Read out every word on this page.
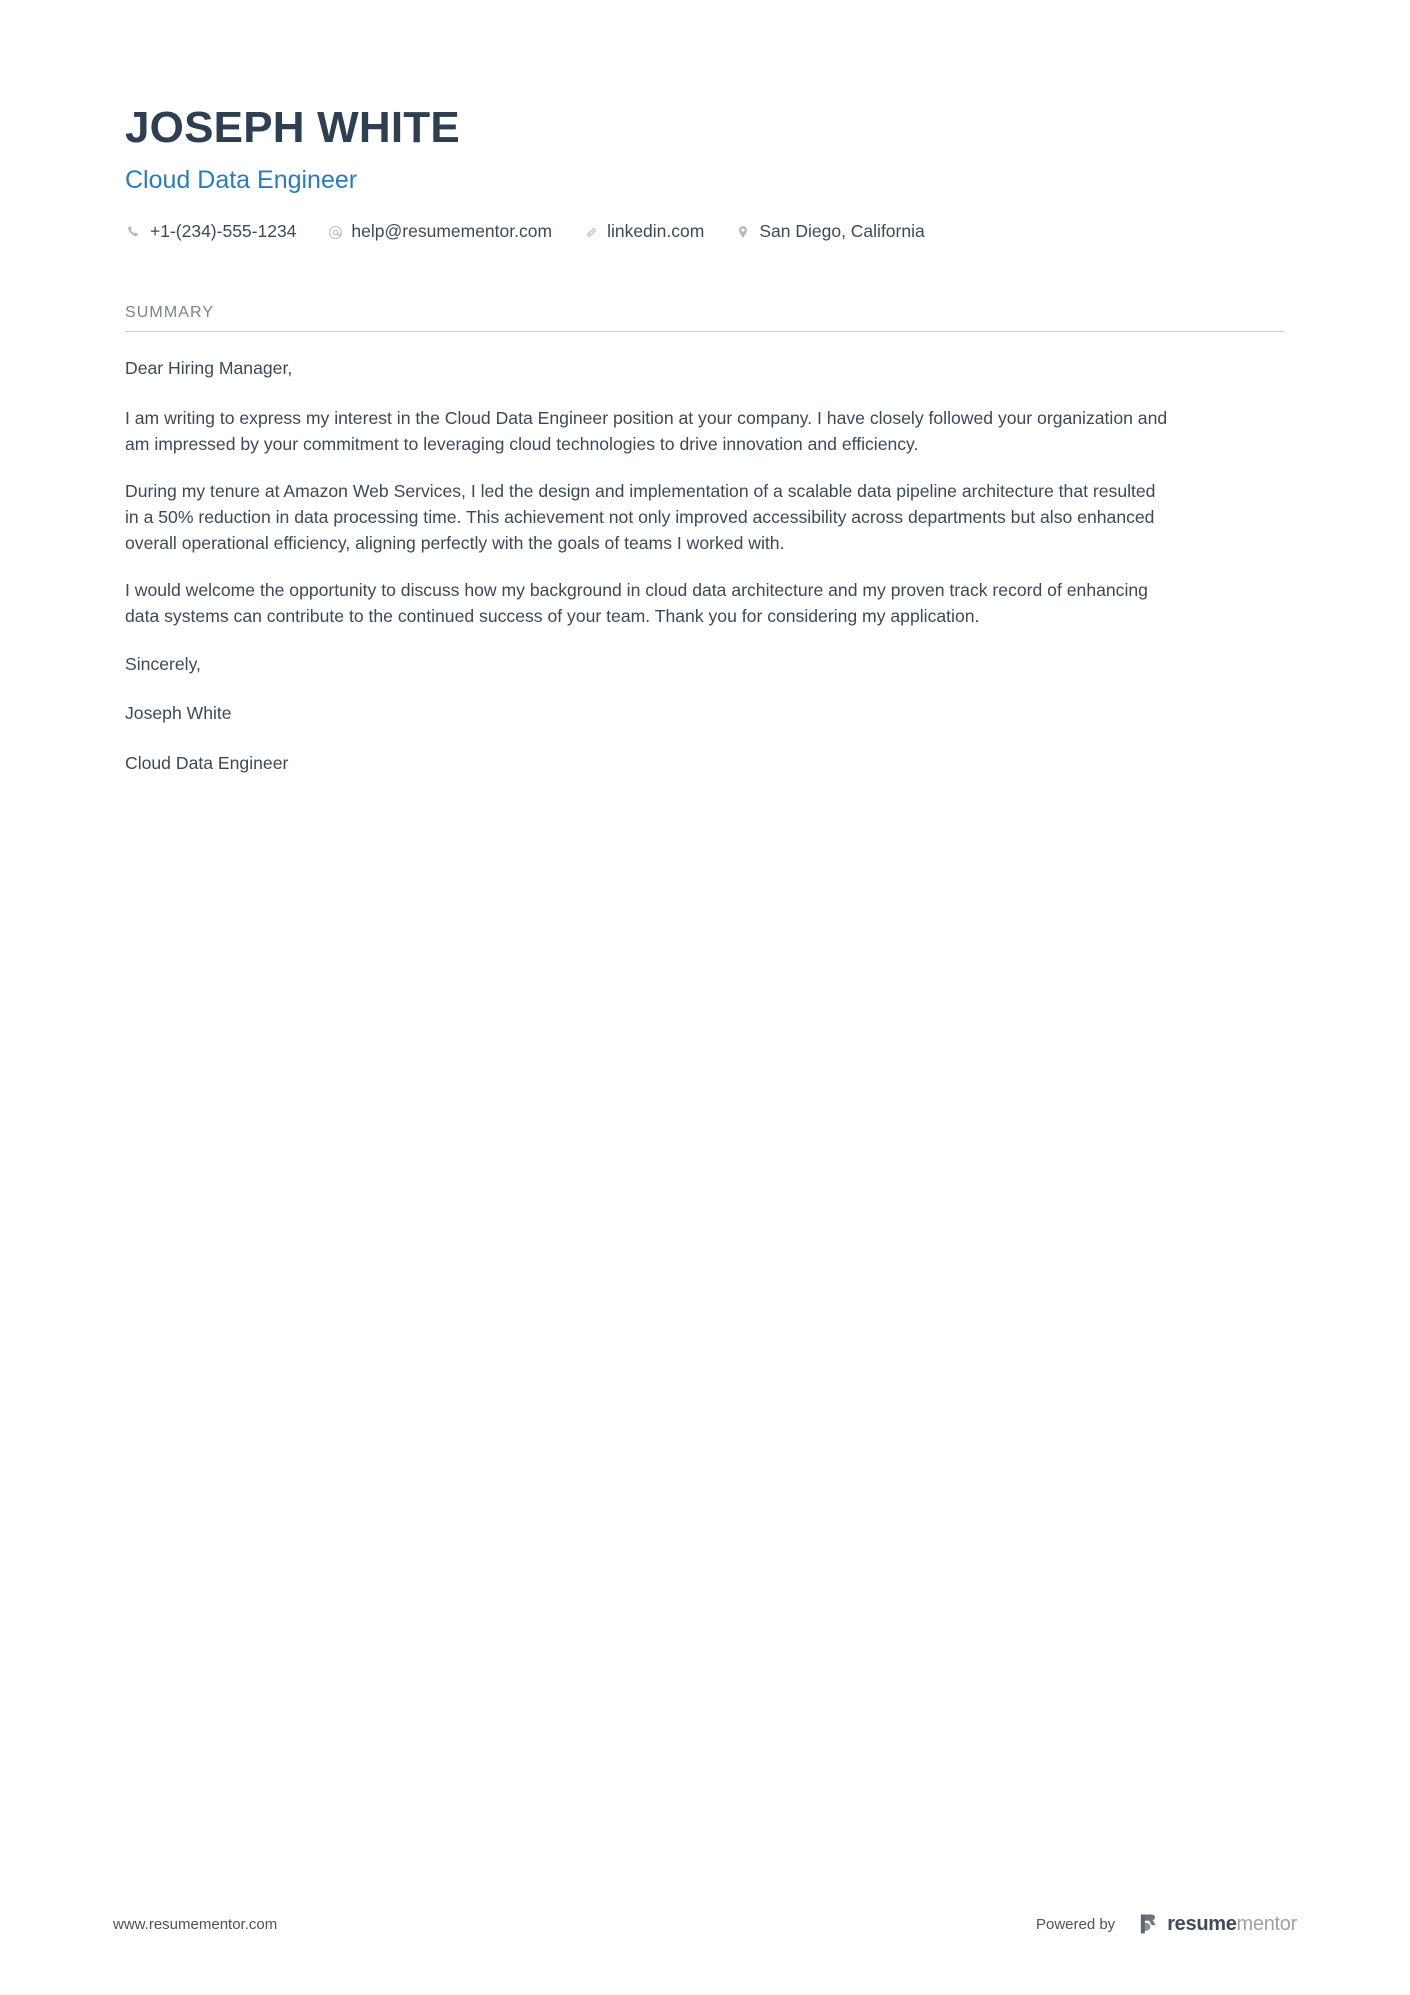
JOSEPH WHITE
Cloud Data Engineer
+1-(234)-555-1234	help@resumementor.com	linkedin.com	San Diego, California
SUMMARY

Dear Hiring Manager,

I am writing to express my interest in the Cloud Data Engineer position at your company. I have closely followed your organization and am impressed by your commitment to leveraging cloud technologies to drive innovation and efficiency.

During my tenure at Amazon Web Services, I led the design and implementation of a scalable data pipeline architecture that resulted in a 50% reduction in data processing time. This achievement not only improved accessibility across departments but also enhanced overall operational efficiency, aligning perfectly with the goals of teams I worked with.

I would welcome the opportunity to discuss how my background in cloud data architecture and my proven track record of enhancing data systems can contribute to the continued success of your team. Thank you for considering my application.

Sincerely,

Joseph White

Cloud Data Engineer

www.resumementor.com	Powered by	resumementor
